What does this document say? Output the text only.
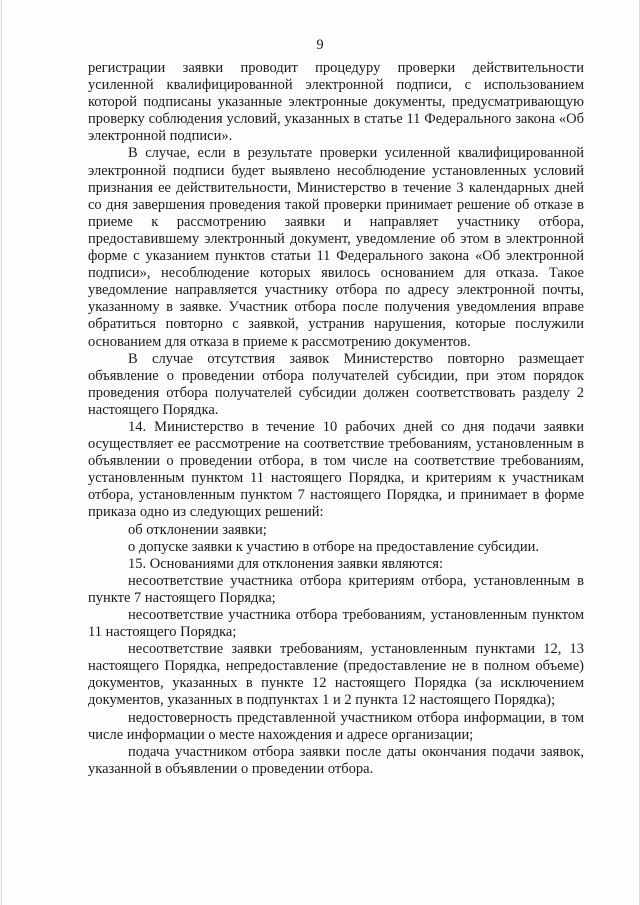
9

регистрации заявки проводит процедуру проверки действительности усиленной квалифицированной электронной подписи, с использованием которой подписаны указанные электронные документы, предусматривающую проверку соблюдения условий, указанных в статье 11 Федерального закона «Об электронной подписи».

В случае, если в результате проверки усиленной квалифицированной электронной подписи будет выявлено несоблюдение установленных условий признания ее действительности, Министерство в течение 3 календарных дней со дня завершения проведения такой проверки принимает решение об отказе в приеме к рассмотрению заявки и направляет участнику отбора, предоставившему электронный документ, уведомление об этом в электронной форме с указанием пунктов статьи 11 Федерального закона «Об электронной подписи», несоблюдение которых явилось основанием для отказа. Такое уведомление направляется участнику отбора по адресу электронной почты, указанному в заявке. Участник отбора после получения уведомления вправе обратиться повторно с заявкой, устранив нарушения, которые послужили основанием для отказа в приеме к рассмотрению документов.

В случае отсутствия заявок Министерство повторно размещает объявление о проведении отбора получателей субсидии, при этом порядок проведения отбора получателей субсидии должен соответствовать разделу 2 настоящего Порядка.

14. Министерство в течение 10 рабочих дней со дня подачи заявки осуществляет ее рассмотрение на соответствие требованиям, установленным в объявлении о проведении отбора, в том числе на соответствие требованиям, установленным пунктом 11 настоящего Порядка, и критериям к участникам отбора, установленным пунктом 7 настоящего Порядка, и принимает в форме приказа одно из следующих решений:

об отклонении заявки;

о допуске заявки к участию в отборе на предоставление субсидии.

15. Основаниями для отклонения заявки являются:

несоответствие участника отбора критериям отбора, установленным в пункте 7 настоящего Порядка;

несоответствие участника отбора требованиям, установленным пунктом 11 настоящего Порядка;

несоответствие заявки требованиям, установленным пунктами 12, 13 настоящего Порядка, непредоставление (предоставление не в полном объеме) документов, указанных в пункте 12 настоящего Порядка (за исключением документов, указанных в подпунктах 1 и 2 пункта 12 настоящего Порядка);

недостоверность представленной участником отбора информации, в том числе информации о месте нахождения и адресе организации;

подача участником отбора заявки после даты окончания подачи заявок, указанной в объявлении о проведении отбора.
